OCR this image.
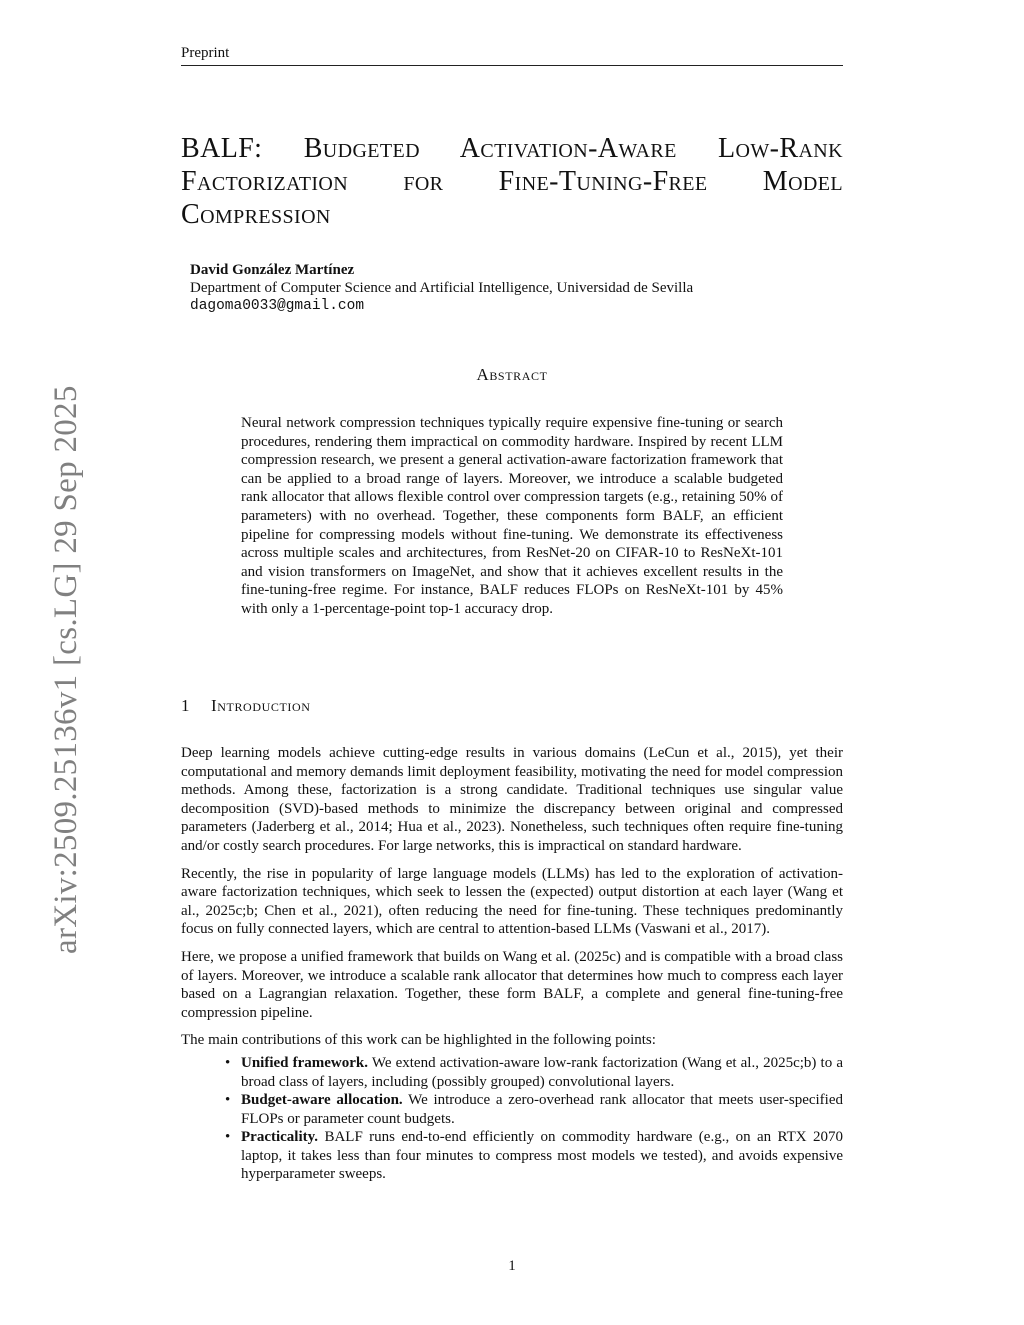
Preprint
arXiv:2509.25136v1 [cs.LG] 29 Sep 2025
BALF: Budgeted Activation-Aware Low-Rank
Factorization for Fine-Tuning-Free Model
Compression
David González Martínez
Department of Computer Science and Artificial Intelligence, Universidad de Sevilla
dagoma0033@gmail.com
Abstract
Neural network compression techniques typically require expensive fine-tuning or search procedures, rendering them impractical on commodity hardware. Inspired by recent LLM compression research, we present a general activation-aware factorization framework that can be applied to a broad range of layers. Moreover, we introduce a scalable budgeted rank allocator that allows flexible control over compression targets (e.g., retaining 50% of parameters) with no overhead. Together, these components form BALF, an efficient pipeline for compressing models without fine-tuning. We demonstrate its effectiveness across multiple scales and architectures, from ResNet-20 on CIFAR-10 to ResNeXt-101 and vision transformers on ImageNet, and show that it achieves excellent results in the fine-tuning-free regime. For instance, BALF reduces FLOPs on ResNeXt-101 by 45% with only a 1-percentage-point top-1 accuracy drop.
1 Introduction

Deep learning models achieve cutting-edge results in various domains (LeCun et al., 2015), yet their computational and memory demands limit deployment feasibility, motivating the need for model compression methods. Among these, factorization is a strong candidate. Traditional techniques use singular value decomposition (SVD)-based methods to minimize the discrepancy between original and compressed parameters (Jaderberg et al., 2014; Hua et al., 2023). Nonetheless, such techniques often require fine-tuning and/or costly search procedures. For large networks, this is impractical on standard hardware.

Recently, the rise in popularity of large language models (LLMs) has led to the exploration of activation-aware factorization techniques, which seek to lessen the (expected) output distortion at each layer (Wang et al., 2025c;b; Chen et al., 2021), often reducing the need for fine-tuning. These techniques predominantly focus on fully connected layers, which are central to attention-based LLMs (Vaswani et al., 2017).

Here, we propose a unified framework that builds on Wang et al. (2025c) and is compatible with a broad class of layers. Moreover, we introduce a scalable rank allocator that determines how much to compress each layer based on a Lagrangian relaxation. Together, these form BALF, a complete and general fine-tuning-free compression pipeline.

The main contributions of this work can be highlighted in the following points:

• Unified framework. We extend activation-aware low-rank factorization (Wang et al., 2025c;b) to a broad class of layers, including (possibly grouped) convolutional layers.
• Budget-aware allocation. We introduce a zero-overhead rank allocator that meets user-specified FLOPs or parameter count budgets.
• Practicality. BALF runs end-to-end efficiently on commodity hardware (e.g., on an RTX 2070 laptop, it takes less than four minutes to compress most models we tested), and avoids expensive hyperparameter sweeps.
1
